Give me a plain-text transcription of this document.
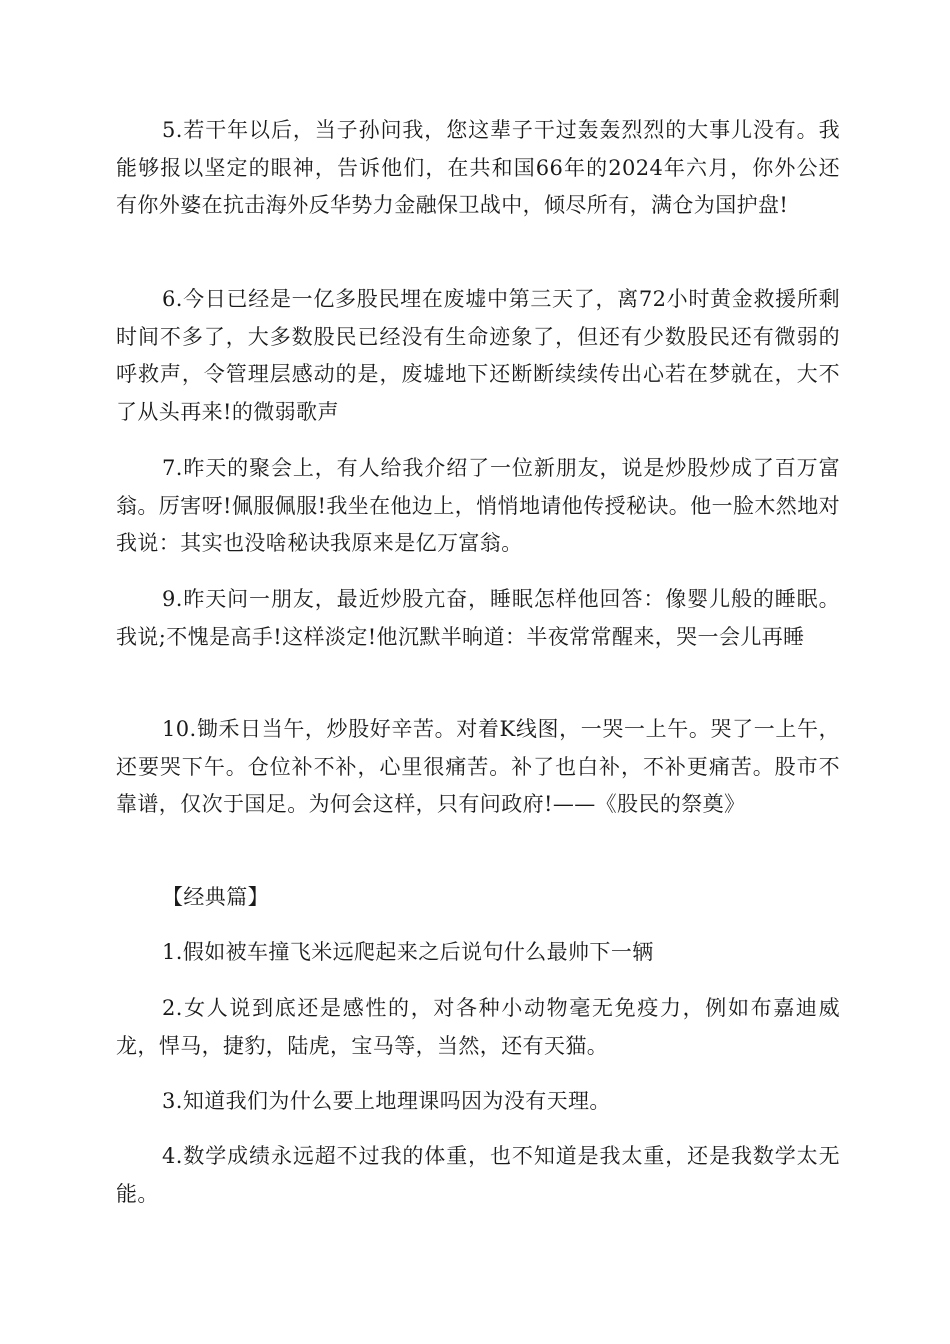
5.若干年以后，当子孙问我，您这辈子干过轰轰烈烈的大事儿没有。我能够报以坚定的眼神，告诉他们，在共和国66年的2024年六月，你外公还有你外婆在抗击海外反华势力金融保卫战中，倾尽所有，满仓为国护盘!

6.今日已经是一亿多股民埋在废墟中第三天了，离72小时黄金救援所剩时间不多了，大多数股民已经没有生命迹象了，但还有少数股民还有微弱的呼救声，令管理层感动的是，废墟地下还断断续续传出心若在梦就在，大不了从头再来!的微弱歌声

7.昨天的聚会上，有人给我介绍了一位新朋友，说是炒股炒成了百万富翁。厉害呀!佩服佩服!我坐在他边上，悄悄地请他传授秘诀。他一脸木然地对我说：其实也没啥秘诀我原来是亿万富翁。

9.昨天问一朋友，最近炒股亢奋，睡眠怎样他回答：像婴儿般的睡眠。我说;不愧是高手!这样淡定!他沉默半晌道：半夜常常醒来，哭一会儿再睡

10.锄禾日当午，炒股好辛苦。对着K线图，一哭一上午。哭了一上午，还要哭下午。仓位补不补，心里很痛苦。补了也白补，不补更痛苦。股市不靠谱，仅次于国足。为何会这样，只有问政府!——《股民的祭奠》

【经典篇】

1.假如被车撞飞米远爬起来之后说句什么最帅下一辆

2.女人说到底还是感性的，对各种小动物毫无免疫力，例如布嘉迪威龙，悍马，捷豹，陆虎，宝马等，当然，还有天猫。

3.知道我们为什么要上地理课吗因为没有天理。

4.数学成绩永远超不过我的体重，也不知道是我太重，还是我数学太无能。
